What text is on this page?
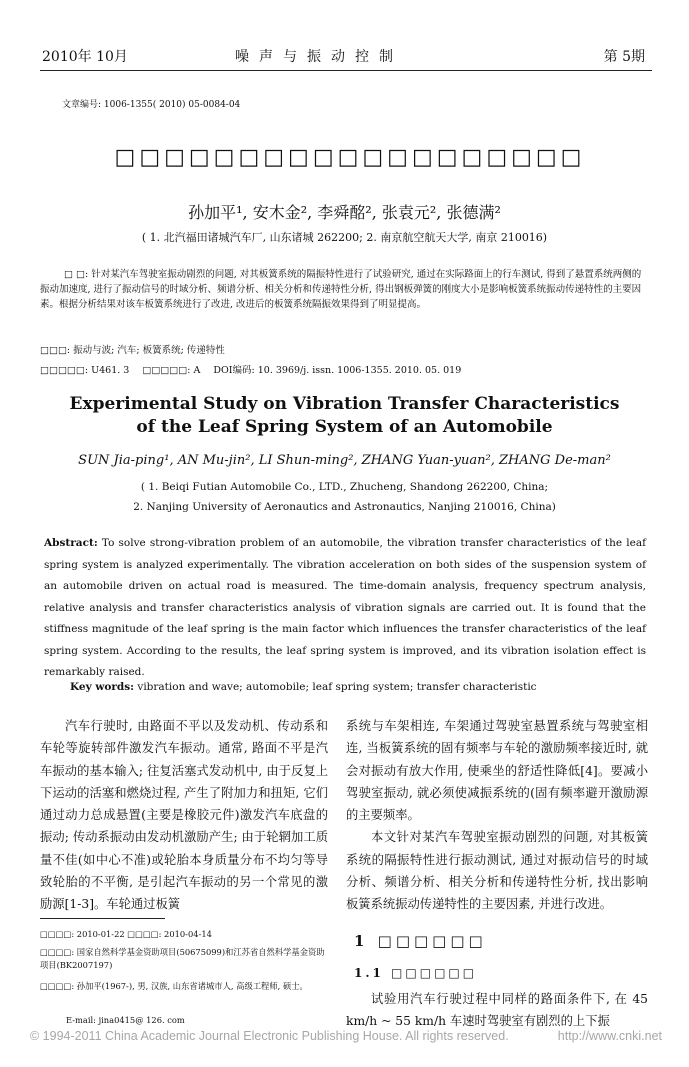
2010年 10月	噪声与振动控制	第 5期
文章编号: 1006-1355( 2010) 05-0084-04
□□□□□□□□□□□□□□□□□□□
孙加平¹, 安木金², 李舜酩², 张袁元², 张德满²
( 1. 北汽福田诸城汽车厂, 山东诸城 262200; 2. 南京航空航天大学, 南京 210016)
□ □: 针对某汽车驾驶室振动剧烈的问题, 对其板簧系统的隔振特性进行了试验研究, 通过在实际路面上的行车测试, 得到了悬置系统两侧的振动加速度, 进行了振动信号的时域分析、频谱分析、相关分析和传递特性分析, 得出钢板弹簧的刚度大小是影响板簧系统振动传递特性的主要因素。根据分析结果对该车板簧系统进行了改进, 改进后的板簧系统隔振效果得到了明显提高。
□□□: 振动与波; 汽车; 板簧系统; 传递特性
□□□□□: U461. 3 □□□□□: A DOI编码: 10. 3969/j. issn. 1006-1355. 2010. 05. 019
Experimental Study on Vibration Transfer Characteristics
of the Leaf Spring System of an Automobile
SUN Jia-ping¹, AN Mu-jin², LI Shun-ming², ZHANG Yuan-yuan², ZHANG De-man²
( 1. Beiqi Futian Automobile Co., LTD., Zhucheng, Shandong 262200, China;
2. Nanjing University of Aeronautics and Astronautics, Nanjing 210016, China)
Abstract: To solve strong-vibration problem of an automobile, the vibration transfer characteristics of the leaf spring system is analyzed experimentally. The vibration acceleration on both sides of the suspension system of an automobile driven on actual road is measured. The time-domain analysis, frequency spectrum analysis, relative analysis and transfer characteristics analysis of vibration signals are carried out. It is found that the stiffness magnitude of the leaf spring is the main factor which influences the transfer characteristics of the leaf spring system. According to the results, the leaf spring system is improved, and its vibration isolation effect is remarkably raised.
Key words: vibration and wave; automobile; leaf spring system; transfer characteristic

汽车行驶时, 由路面不平以及发动机、传动系和车轮等旋转部件激发汽车振动。通常, 路面不平是汽车振动的基本输入; 往复活塞式发动机中, 由于反复上下运动的活塞和燃烧过程, 产生了附加力和扭矩, 它们通过动力总成悬置(主要是橡胶元件)激发汽车底盘的振动; 传动系振动由发动机激励产生; 由于轮辋加工质量不佳(如中心不准)或轮胎本身质量分布不均匀等导致轮胎的不平衡, 是引起汽车振动的另一个常见的激励源[1-3]。车轮通过板簧

系统与车架相连, 车架通过驾驶室悬置系统与驾驶室相连, 当板簧系统的固有频率与车轮的激励频率接近时, 就会对振动有放大作用, 使乘坐的舒适性降低[4]。要减小驾驶室振动, 就必须使减振系统的(固有频率避开激励源的主要频率。

本文针对某汽车驾驶室振动剧烈的问题, 对其板簧系统的隔振特性进行振动测试, 通过对振动信号的时域分析、频谱分析、相关分析和传递特性分析, 找出影响板簧系统振动传递特性的主要因素, 并进行改进。

□□□□: 2010-01-22 □□□□: 2010-04-14
□□□□: 国家自然科学基金资助项目(50675099)和江苏省自然科学基金资助项目(BK2007197)
□□□□: 孙加平(1967-), 男, 汉族, 山东省诸城市人, 高级工程师, 硕士。
E-mail: jina0415@ 126. com
1 □□□□□□
1.1 □□□□□□
试验用汽车行驶过程中同样的路面条件下, 在 45 km/h ~ 55 km/h 车速时驾驶室有剧烈的上下振
© 1994-2011 China Academic Journal Electronic Publishing House. All rights reserved.	http://www.cnki.net
